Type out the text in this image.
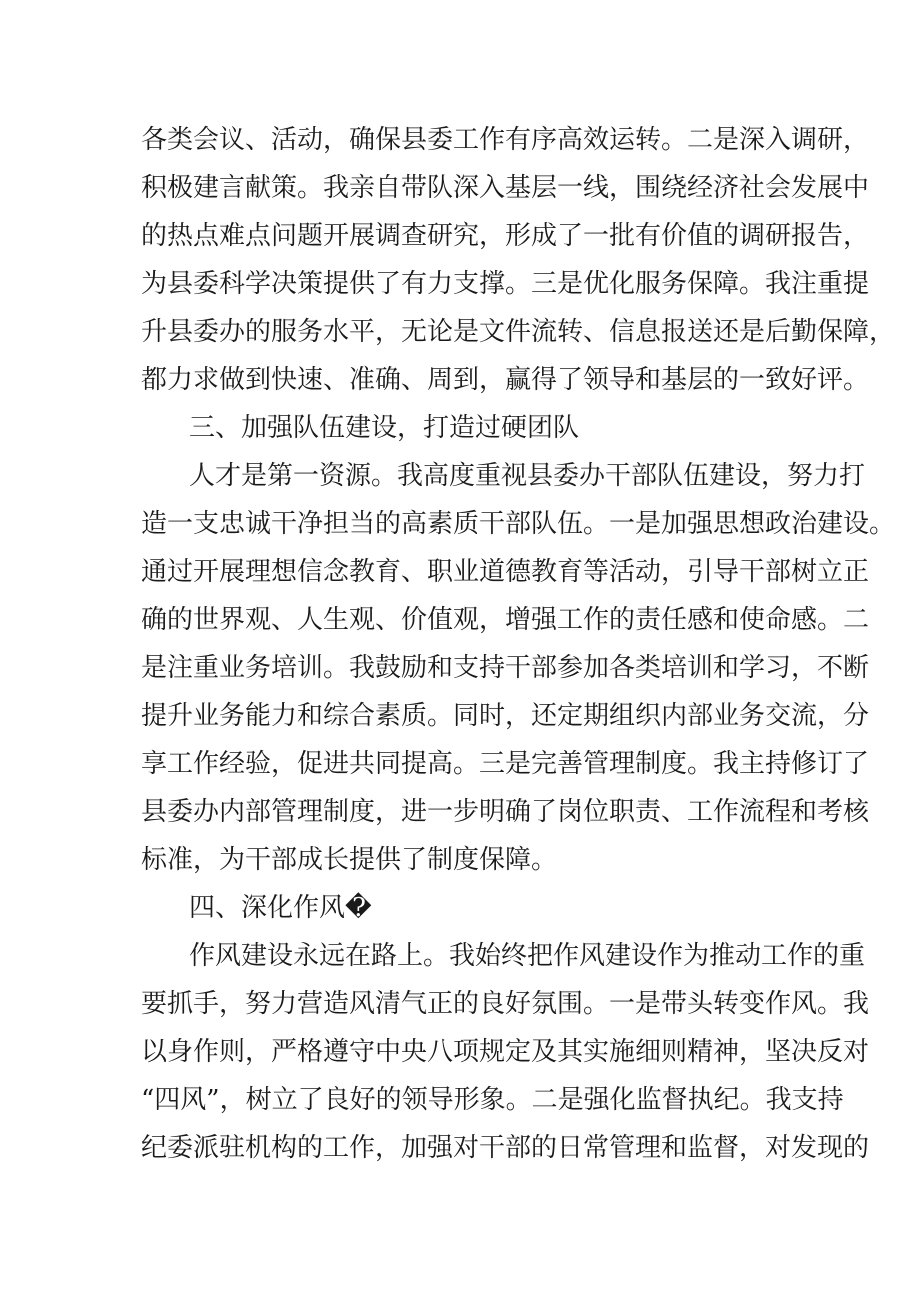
各类会议、活动，确保县委工作有序高效运转。二是深入调研，
积极建言献策。我亲自带队深入基层一线，围绕经济社会发展中
的热点难点问题开展调查研究，形成了一批有价值的调研报告，
为县委科学决策提供了有力支撑。三是优化服务保障。我注重提
升县委办的服务水平，无论是文件流转、信息报送还是后勤保障，
都力求做到快速、准确、周到，赢得了领导和基层的一致好评。
三、加强队伍建设，打造过硬团队
人才是第一资源。我高度重视县委办干部队伍建设，努力打
造一支忠诚干净担当的高素质干部队伍。一是加强思想政治建设。
通过开展理想信念教育、职业道德教育等活动，引导干部树立正
确的世界观、人生观、价值观，增强工作的责任感和使命感。二
是注重业务培训。我鼓励和支持干部参加各类培训和学习，不断
提升业务能力和综合素质。同时，还定期组织内部业务交流，分
享工作经验，促进共同提高。三是完善管理制度。我主持修订了
县委办内部管理制度，进一步明确了岗位职责、工作流程和考核
标准，为干部成长提供了制度保障。
四、深化作风�
作风建设永远在路上。我始终把作风建设作为推动工作的重
要抓手，努力营造风清气正的良好氛围。一是带头转变作风。我
以身作则，严格遵守中央八项规定及其实施细则精神，坚决反对
“四风”，树立了良好的领导形象。二是强化监督执纪。我支持
纪委派驻机构的工作，加强对干部的日常管理和监督，对发现的
